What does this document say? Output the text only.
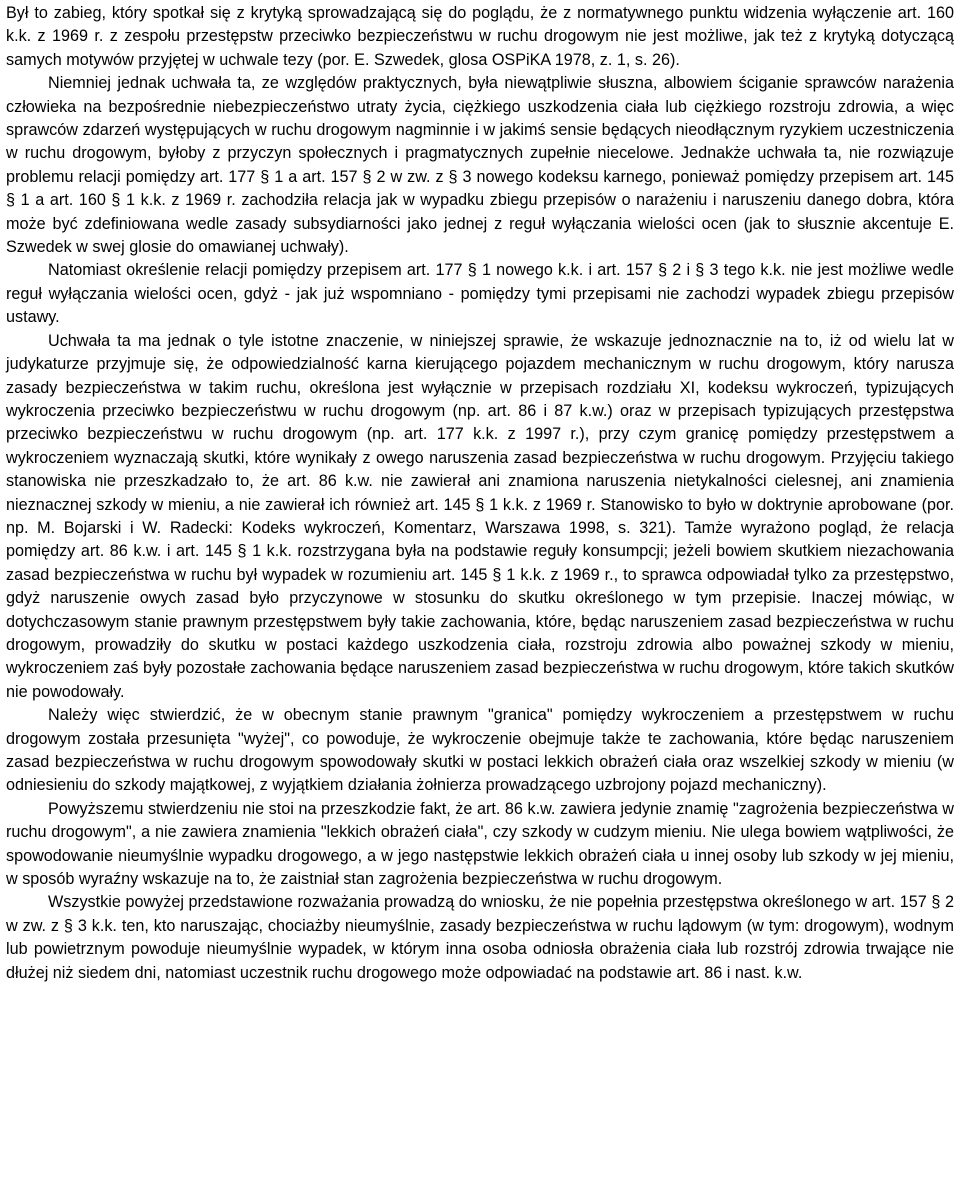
Był to zabieg, który spotkał się z krytyką sprowadzającą się do poglądu, że z normatywnego punktu widzenia wyłączenie art. 160 k.k. z 1969 r. z zespołu przestępstw przeciwko bezpieczeństwu w ruchu drogowym nie jest możliwe, jak też z krytyką dotyczącą samych motywów przyjętej w uchwale tezy (por. E. Szwedek, glosa OSPiKA 1978, z. 1, s. 26).

Niemniej jednak uchwała ta, ze względów praktycznych, była niewątpliwie słuszna, albowiem ściganie sprawców narażenia człowieka na bezpośrednie niebezpieczeństwo utraty życia, ciężkiego uszkodzenia ciała lub ciężkiego rozstroju zdrowia, a więc sprawców zdarzeń występujących w ruchu drogowym nagminnie i w jakimś sensie będących nieodłącznym ryzykiem uczestniczenia w ruchu drogowym, byłoby z przyczyn społecznych i pragmatycznych zupełnie niecelowe. Jednakże uchwała ta, nie rozwiązuje problemu relacji pomiędzy art. 177 § 1 a art. 157 § 2 w zw. z § 3 nowego kodeksu karnego, ponieważ pomiędzy przepisem art. 145 § 1 a art. 160 § 1 k.k. z 1969 r. zachodziła relacja jak w wypadku zbiegu przepisów o narażeniu i naruszeniu danego dobra, która może być zdefiniowana wedle zasady subsydiarności jako jednej z reguł wyłączania wielości ocen (jak to słusznie akcentuje E. Szwedek w swej glosie do omawianej uchwały).

Natomiast określenie relacji pomiędzy przepisem art. 177 § 1 nowego k.k. i art. 157 § 2 i § 3 tego k.k. nie jest możliwe wedle reguł wyłączania wielości ocen, gdyż - jak już wspomniano - pomiędzy tymi przepisami nie zachodzi wypadek zbiegu przepisów ustawy.

Uchwała ta ma jednak o tyle istotne znaczenie, w niniejszej sprawie, że wskazuje jednoznacznie na to, iż od wielu lat w judykaturze przyjmuje się, że odpowiedzialność karna kierującego pojazdem mechanicznym w ruchu drogowym, który narusza zasady bezpieczeństwa w takim ruchu, określona jest wyłącznie w przepisach rozdziału XI, kodeksu wykroczeń, typizujących wykroczenia przeciwko bezpieczeństwu w ruchu drogowym (np. art. 86 i 87 k.w.) oraz w przepisach typizujących przestępstwa przeciwko bezpieczeństwu w ruchu drogowym (np. art. 177 k.k. z 1997 r.), przy czym granicę pomiędzy przestępstwem a wykroczeniem wyznaczają skutki, które wynikały z owego naruszenia zasad bezpieczeństwa w ruchu drogowym. Przyjęciu takiego stanowiska nie przeszkadzało to, że art. 86 k.w. nie zawierał ani znamiona naruszenia nietykalności cielesnej, ani znamienia nieznacznej szkody w mieniu, a nie zawierał ich również art. 145 § 1 k.k. z 1969 r. Stanowisko to było w doktrynie aprobowane (por. np. M. Bojarski i W. Radecki: Kodeks wykroczeń, Komentarz, Warszawa 1998, s. 321). Tamże wyrażono pogląd, że relacja pomiędzy art. 86 k.w. i art. 145 § 1 k.k. rozstrzygana była na podstawie reguły konsumpcji; jeżeli bowiem skutkiem niezachowania zasad bezpieczeństwa w ruchu był wypadek w rozumieniu art. 145 § 1 k.k. z 1969 r., to sprawca odpowiadał tylko za przestępstwo, gdyż naruszenie owych zasad było przyczynowe w stosunku do skutku określonego w tym przepisie. Inaczej mówiąc, w dotychczasowym stanie prawnym przestępstwem były takie zachowania, które, będąc naruszeniem zasad bezpieczeństwa w ruchu drogowym, prowadziły do skutku w postaci każdego uszkodzenia ciała, rozstroju zdrowia albo poważnej szkody w mieniu, wykroczeniem zaś były pozostałe zachowania będące naruszeniem zasad bezpieczeństwa w ruchu drogowym, które takich skutków nie powodowały.

Należy więc stwierdzić, że w obecnym stanie prawnym "granica" pomiędzy wykroczeniem a przestępstwem w ruchu drogowym została przesunięta "wyżej", co powoduje, że wykroczenie obejmuje także te zachowania, które będąc naruszeniem zasad bezpieczeństwa w ruchu drogowym spowodowały skutki w postaci lekkich obrażeń ciała oraz wszelkiej szkody w mieniu (w odniesieniu do szkody majątkowej, z wyjątkiem działania żołnierza prowadzącego uzbrojony pojazd mechaniczny).

Powyższemu stwierdzeniu nie stoi na przeszkodzie fakt, że art. 86 k.w. zawiera jedynie znamię "zagrożenia bezpieczeństwa w ruchu drogowym", a nie zawiera znamienia "lekkich obrażeń ciała", czy szkody w cudzym mieniu. Nie ulega bowiem wątpliwości, że spowodowanie nieumyślnie wypadku drogowego, a w jego następstwie lekkich obrażeń ciała u innej osoby lub szkody w jej mieniu, w sposób wyraźny wskazuje na to, że zaistniał stan zagrożenia bezpieczeństwa w ruchu drogowym.

Wszystkie powyżej przedstawione rozważania prowadzą do wniosku, że nie popełnia przestępstwa określonego w art. 157 § 2 w zw. z § 3 k.k. ten, kto naruszając, chociażby nieumyślnie, zasady bezpieczeństwa w ruchu lądowym (w tym: drogowym), wodnym lub powietrznym powoduje nieumyślnie wypadek, w którym inna osoba odniosła obrażenia ciała lub rozstrój zdrowia trwające nie dłużej niż siedem dni, natomiast uczestnik ruchu drogowego może odpowiadać na podstawie art. 86 i nast. k.w.
